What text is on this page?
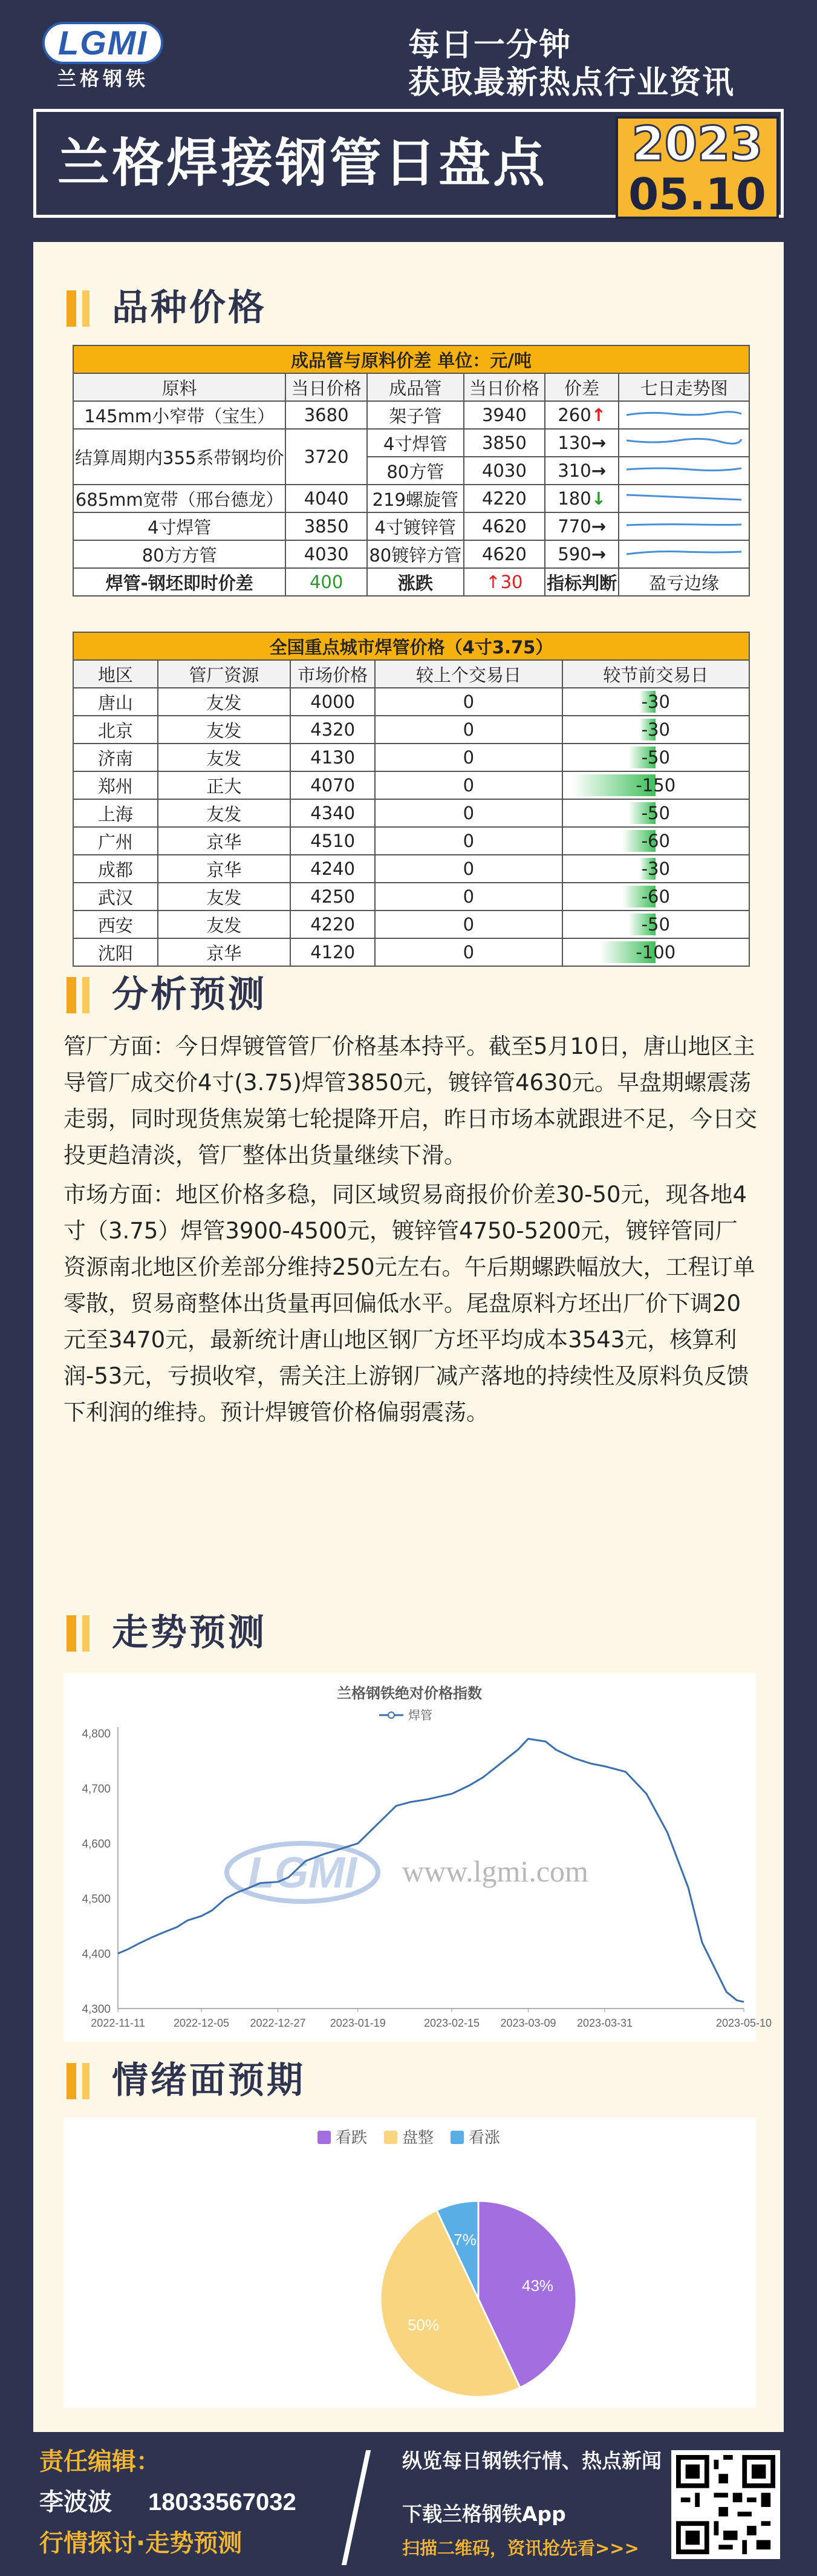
LGMI
兰格钢铁
每日一分钟
获取最新热点行业资讯
兰格焊接钢管日盘点	2023
05.10
品种价格
成品管与原料价差 单位：元/吨					
原料	当日价格	成品管	当日价格	价差	七日走势图
145mm小窄带（宝生）	3680	架子管	3940	260↑	
结算周期内355系带钢均价	3720	4寸焊管	3850	130→	
		80方管	4030	310→	
685mm宽带（邢台德龙）	4040	219螺旋管	4220	180↓	
4寸焊管	3850	4寸镀锌管	4620	770→	
80方方管	4030	80镀锌方管	4620	590→	
焊管-钢坯即时价差	400	涨跌	↑30	指标判断	盈亏边缘
全国重点城市焊管价格（4寸3.75）				
地区	管厂资源	市场价格	较上个交易日	较节前交易日
唐山	友发	4000	0	-30
北京	友发	4320	0	-30
济南	友发	4130	0	-50
郑州	正大	4070	0	-150
上海	友发	4340	0	-50
广州	京华	4510	0	-60
成都	京华	4240	0	-30
武汉	友发	4250	0	-60
西安	友发	4220	0	-50
沈阳	京华	4120	0	-100
分析预测
管厂方面：今日焊镀管管厂价格基本持平。截至5月10日，唐山地区主导管厂成交价4寸(3.75)焊管3850元，镀锌管4630元。早盘期螺震荡走弱，同时现货焦炭第七轮提降开启，昨日市场本就跟进不足，今日交投更趋清淡，管厂整体出货量继续下滑。
市场方面：地区价格多稳，同区域贸易商报价价差30-50元，现各地4寸（3.75）焊管3900-4500元，镀锌管4750-5200元，镀锌管同厂资源南北地区价差部分维持250元左右。午后期螺跌幅放大，工程订单零散，贸易商整体出货量再回偏低水平。尾盘原料方坯出厂价下调20元至3470元，最新统计唐山地区钢厂方坯平均成本3543元，核算利润-53元，亏损收窄，需关注上游钢厂减产落地的持续性及原料负反馈下利润的维持。预计焊镀管价格偏弱震荡。
走势预测
兰格钢铁绝对价格指数
焊管
LGMI www.lgmi.com
4,300
4,400
4,500
4,600
4,700
4,800
2022-11-11	2022-12-05 2022-12-27 2023-01-19	2023-02-15 2023-03-09 2023-03-31	2023-05-10
情绪面预期
看跌 盘整 看涨
43%
50%
7%
责任编辑：
李波波 18033567032
行情探讨·走势预测
纵览每日钢铁行情、热点新闻
下载兰格钢铁App
扫描二维码，资讯抢先看>>>
